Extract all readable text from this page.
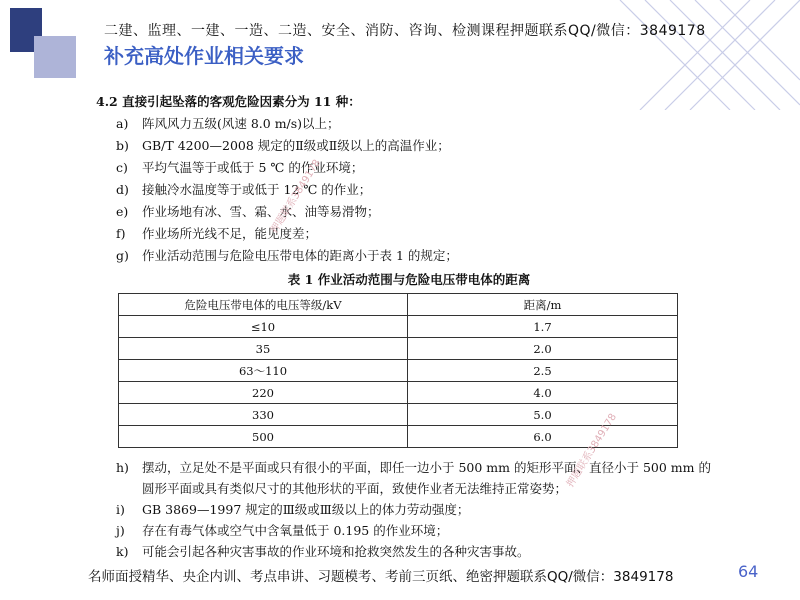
二建、监理、一建、一造、二造、安全、消防、咨询、检测课程押题联系QQ/微信：3849178
补充高处作业相关要求
4.2 直接引起坠落的客观危险因素分为 11 种：
a)	阵风风力五级(风速 8.0 m/s)以上；
b)	GB/T 4200—2008 规定的Ⅱ级或Ⅱ级以上的高温作业；
c)	平均气温等于或低于 5 ℃ 的作业环境；
d)	接触冷水温度等于或低于 12 ℃ 的作业；
e)	作业场地有冰、雪、霜、水、油等易滑物；
f)	作业场所光线不足，能见度差；
g)	作业活动范围与危险电压带电体的距离小于表 1 的规定；
表 1 作业活动范围与危险电压带电体的距离
危险电压带电体的电压等级/kV	距离/m
≤10	1.7
35	2.0
63～110	2.5
220	4.0
330	5.0
500	6.0
h)	摆动，立足处不是平面或只有很小的平面，即任一边小于 500 mm 的矩形平面、直径小于 500 mm 的圆形平面或具有类似尺寸的其他形状的平面，致使作业者无法维持正常姿势；
i)	GB 3869—1997 规定的Ⅲ级或Ⅲ级以上的体力劳动强度；
j)	存在有毒气体或空气中含氧量低于 0.195 的作业环境；
k)	可能会引起各种灾害事故的作业环境和抢救突然发生的各种灾害事故。
押题联系3849178
押题联系3849178
名师面授精华、央企内训、考点串讲、习题模考、考前三页纸、绝密押题联系QQ/微信：3849178	64
